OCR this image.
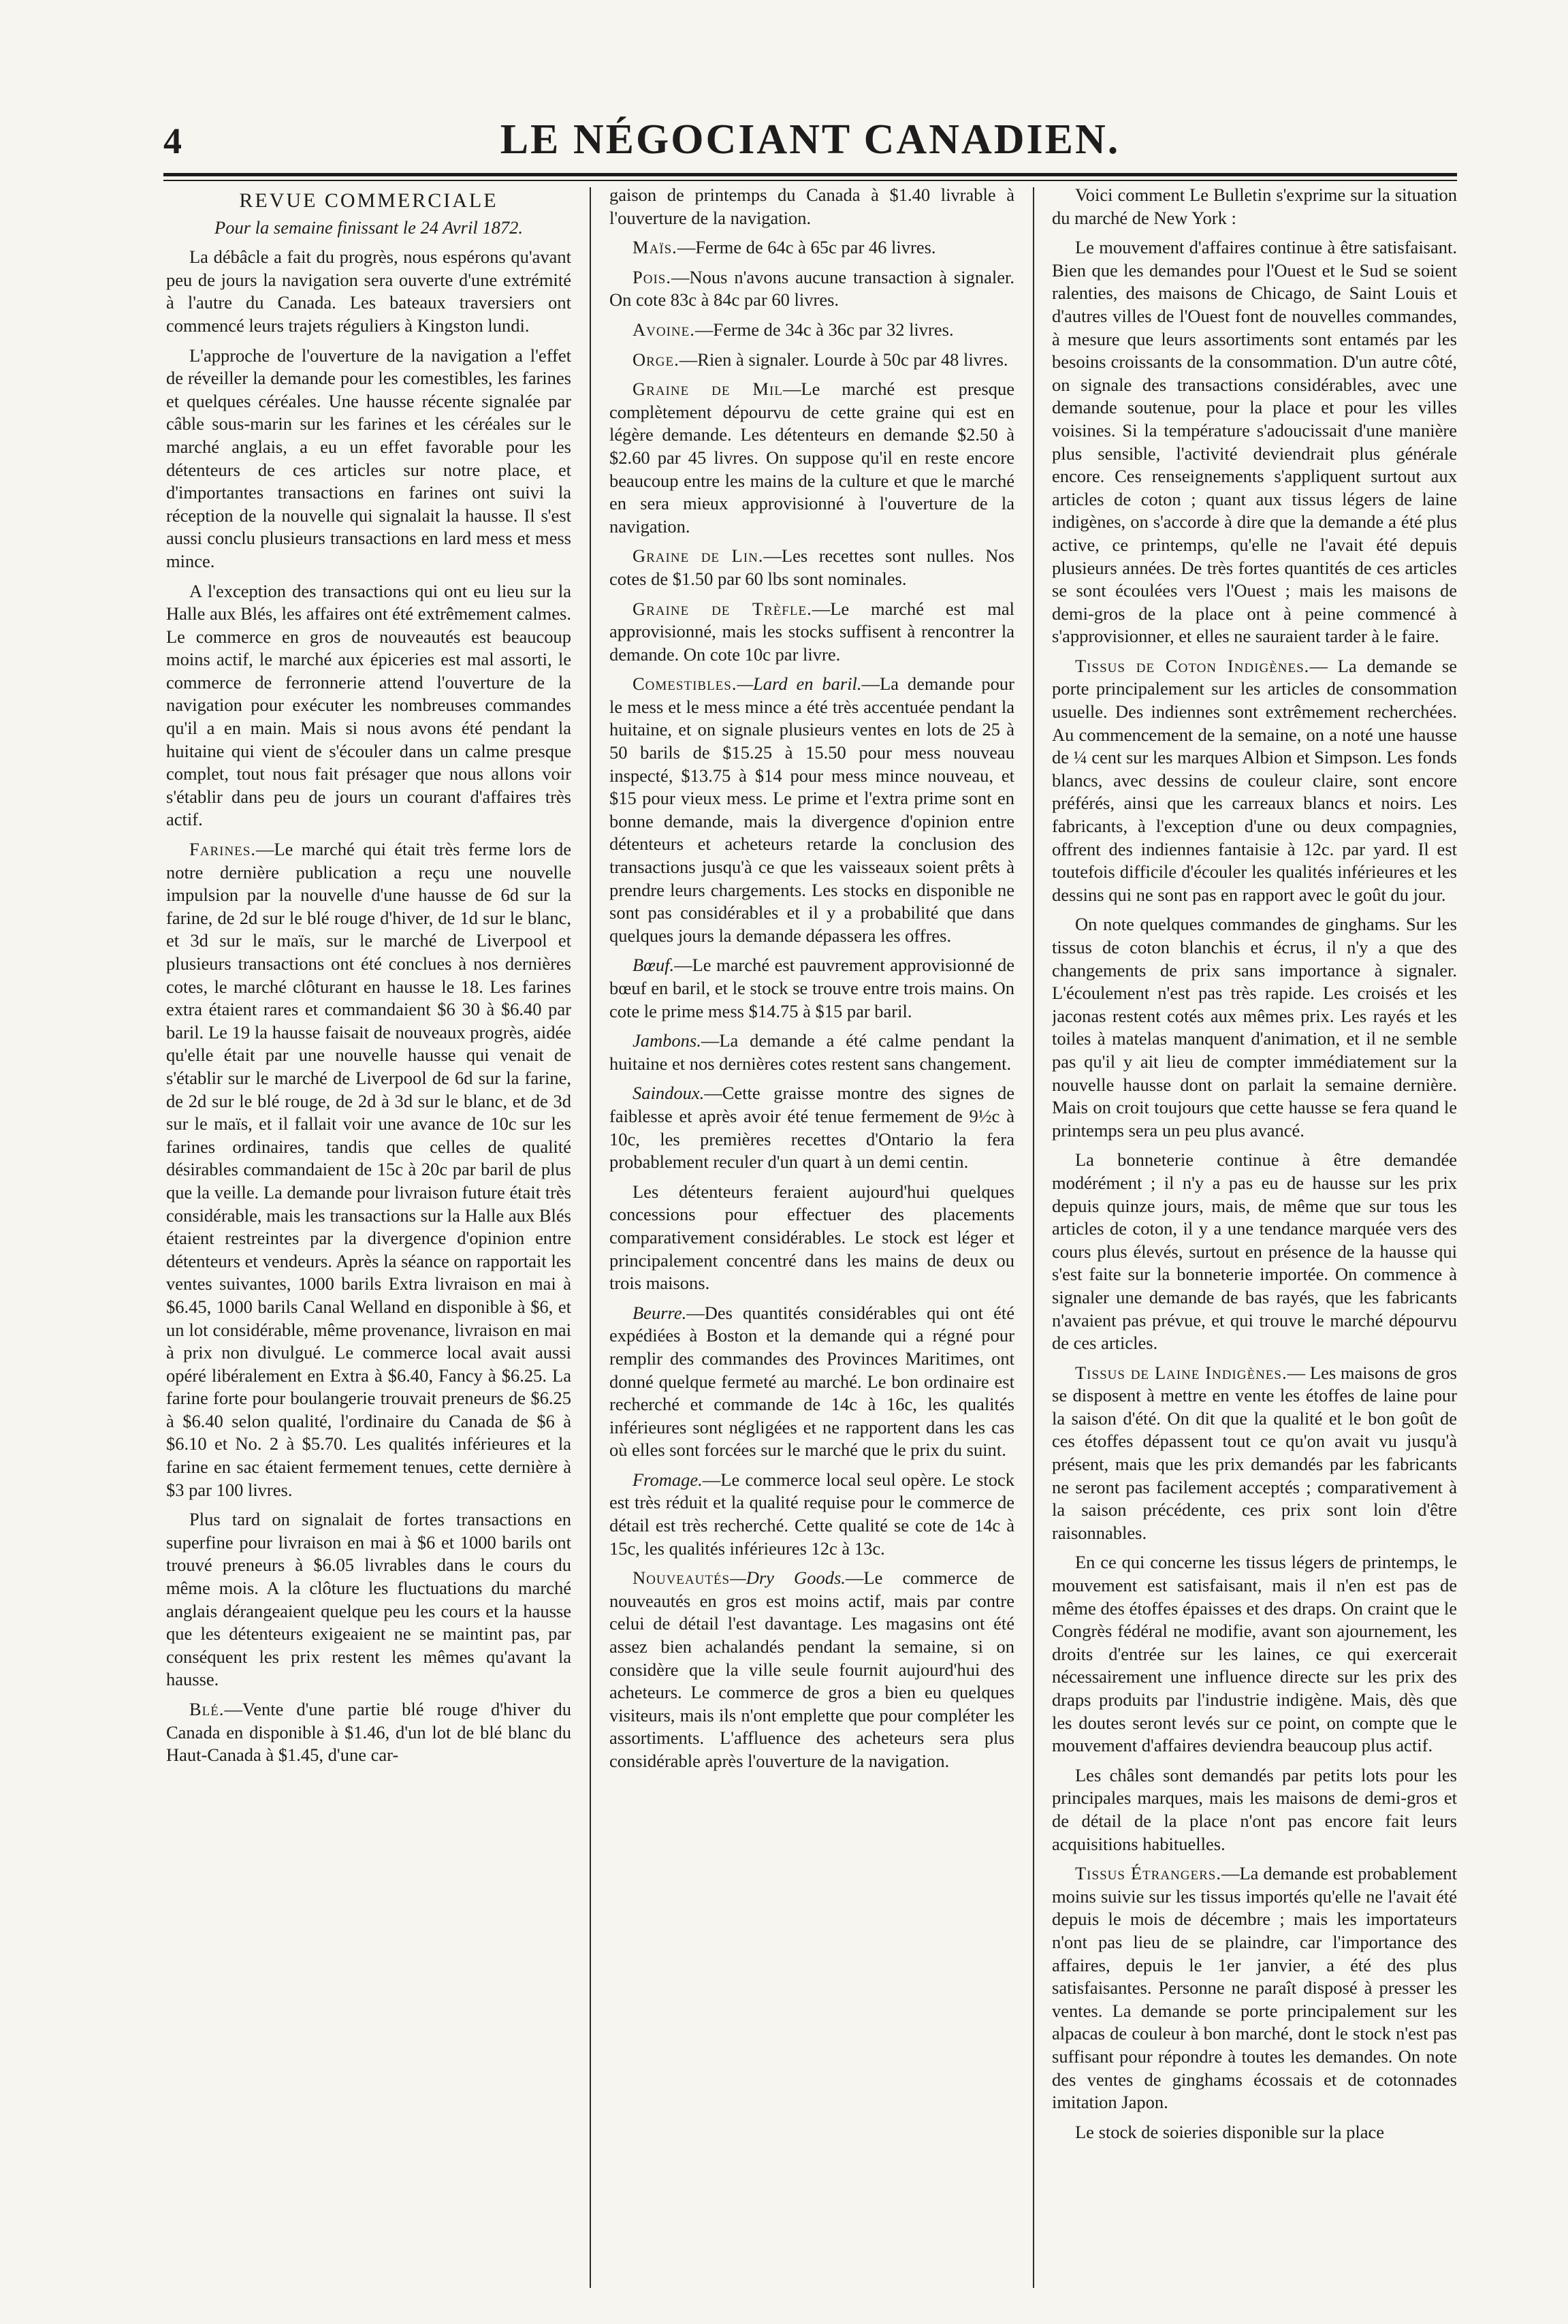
4	LE NÉGOCIANT CANADIEN.
REVUE COMMERCIALE
Pour la semaine finissant le 24 Avril 1872.

La débâcle a fait du progrès, nous espérons qu'avant peu de jours la navigation sera ouverte d'une extrémité à l'autre du Canada. Les bateaux traversiers ont commencé leurs trajets réguliers à Kingston lundi.

L'approche de l'ouverture de la navigation a l'effet de réveiller la demande pour les comestibles, les farines et quelques céréales. Une hausse récente signalée par câble sous-marin sur les farines et les céréales sur le marché anglais, a eu un effet favorable pour les détenteurs de ces articles sur notre place, et d'importantes transactions en farines ont suivi la réception de la nouvelle qui signalait la hausse. Il s'est aussi conclu plusieurs transactions en lard mess et mess mince.

A l'exception des transactions qui ont eu lieu sur la Halle aux Blés, les affaires ont été extrêmement calmes. Le commerce en gros de nouveautés est beaucoup moins actif, le marché aux épiceries est mal assorti, le commerce de ferronnerie attend l'ouverture de la navigation pour exécuter les nombreuses commandes qu'il a en main. Mais si nous avons été pendant la huitaine qui vient de s'écouler dans un calme presque complet, tout nous fait présager que nous allons voir s'établir dans peu de jours un courant d'affaires très actif.

Farines.—Le marché qui était très ferme lors de notre dernière publication a reçu une nouvelle impulsion par la nouvelle d'une hausse de 6d sur la farine, de 2d sur le blé rouge d'hiver, de 1d sur le blanc, et 3d sur le maïs, sur le marché de Liverpool et plusieurs transactions ont été conclues à nos dernières cotes, le marché clôturant en hausse le 18. Les farines extra étaient rares et commandaient $6 30 à $6.40 par baril. Le 19 la hausse faisait de nouveaux progrès, aidée qu'elle était par une nouvelle hausse qui venait de s'établir sur le marché de Liverpool de 6d sur la farine, de 2d sur le blé rouge, de 2d à 3d sur le blanc, et de 3d sur le maïs, et il fallait voir une avance de 10c sur les farines ordinaires, tandis que celles de qualité désirables commandaient de 15c à 20c par baril de plus que la veille. La demande pour livraison future était très considérable, mais les transactions sur la Halle aux Blés étaient restreintes par la divergence d'opinion entre détenteurs et vendeurs. Après la séance on rapportait les ventes suivantes, 1000 barils Extra livraison en mai à $6.45, 1000 barils Canal Welland en disponible à $6, et un lot considérable, même provenance, livraison en mai à prix non divulgué. Le commerce local avait aussi opéré libéralement en Extra à $6.40, Fancy à $6.25. La farine forte pour boulangerie trouvait preneurs de $6.25 à $6.40 selon qualité, l'ordinaire du Canada de $6 à $6.10 et No. 2 à $5.70. Les qualités inférieures et la farine en sac étaient fermement tenues, cette dernière à $3 par 100 livres.

Plus tard on signalait de fortes transactions en superfine pour livraison en mai à $6 et 1000 barils ont trouvé preneurs à $6.05 livrables dans le cours du même mois. A la clôture les fluctuations du marché anglais dérangeaient quelque peu les cours et la hausse que les détenteurs exigeaient ne se maintint pas, par conséquent les prix restent les mêmes qu'avant la hausse.

Blé.—Vente d'une partie blé rouge d'hiver du Canada en disponible à $1.46, d'un lot de blé blanc du Haut-Canada à $1.45, d'une car-

gaison de printemps du Canada à $1.40 livrable à l'ouverture de la navigation.

Maïs.—Ferme de 64c à 65c par 46 livres.

Pois.—Nous n'avons aucune transaction à signaler. On cote 83c à 84c par 60 livres.

Avoine.—Ferme de 34c à 36c par 32 livres.

Orge.—Rien à signaler. Lourde à 50c par 48 livres.

Graine de Mil—Le marché est presque complètement dépourvu de cette graine qui est en légère demande. Les détenteurs en demande $2.50 à $2.60 par 45 livres. On suppose qu'il en reste encore beaucoup entre les mains de la culture et que le marché en sera mieux approvisionné à l'ouverture de la navigation.

Graine de Lin.—Les recettes sont nulles. Nos cotes de $1.50 par 60 lbs sont nominales.

Graine de Trèfle.—Le marché est mal approvisionné, mais les stocks suffisent à rencontrer la demande. On cote 10c par livre.

Comestibles.—Lard en baril.—La demande pour le mess et le mess mince a été très accentuée pendant la huitaine, et on signale plusieurs ventes en lots de 25 à 50 barils de $15.25 à 15.50 pour mess nouveau inspecté, $13.75 à $14 pour mess mince nouveau, et $15 pour vieux mess. Le prime et l'extra prime sont en bonne demande, mais la divergence d'opinion entre détenteurs et acheteurs retarde la conclusion des transactions jusqu'à ce que les vaisseaux soient prêts à prendre leurs chargements. Les stocks en disponible ne sont pas considérables et il y a probabilité que dans quelques jours la demande dépassera les offres.

Bœuf.—Le marché est pauvrement approvisionné de bœuf en baril, et le stock se trouve entre trois mains. On cote le prime mess $14.75 à $15 par baril.

Jambons.—La demande a été calme pendant la huitaine et nos dernières cotes restent sans changement.

Saindoux.—Cette graisse montre des signes de faiblesse et après avoir été tenue fermement de 9½c à 10c, les premières recettes d'Ontario la fera probablement reculer d'un quart à un demi centin.

Les détenteurs feraient aujourd'hui quelques concessions pour effectuer des placements comparativement considérables. Le stock est léger et principalement concentré dans les mains de deux ou trois maisons.

Beurre.—Des quantités considérables qui ont été expédiées à Boston et la demande qui a régné pour remplir des commandes des Provinces Maritimes, ont donné quelque fermeté au marché. Le bon ordinaire est recherché et commande de 14c à 16c, les qualités inférieures sont négligées et ne rapportent dans les cas où elles sont forcées sur le marché que le prix du suint.

Fromage.—Le commerce local seul opère. Le stock est très réduit et la qualité requise pour le commerce de détail est très recherché. Cette qualité se cote de 14c à 15c, les qualités inférieures 12c à 13c.

Nouveautés—Dry Goods.—Le commerce de nouveautés en gros est moins actif, mais par contre celui de détail l'est davantage. Les magasins ont été assez bien achalandés pendant la semaine, si on considère que la ville seule fournit aujourd'hui des acheteurs. Le commerce de gros a bien eu quelques visiteurs, mais ils n'ont emplette que pour compléter les assortiments. L'affluence des acheteurs sera plus considérable après l'ouverture de la navigation.

Voici comment Le Bulletin s'exprime sur la situation du marché de New York :

Le mouvement d'affaires continue à être satisfaisant. Bien que les demandes pour l'Ouest et le Sud se soient ralenties, des maisons de Chicago, de Saint Louis et d'autres villes de l'Ouest font de nouvelles commandes, à mesure que leurs assortiments sont entamés par les besoins croissants de la consommation. D'un autre côté, on signale des transactions considérables, avec une demande soutenue, pour la place et pour les villes voisines. Si la température s'adoucissait d'une manière plus sensible, l'activité deviendrait plus générale encore. Ces renseignements s'appliquent surtout aux articles de coton ; quant aux tissus légers de laine indigènes, on s'accorde à dire que la demande a été plus active, ce printemps, qu'elle ne l'avait été depuis plusieurs années. De très fortes quantités de ces articles se sont écoulées vers l'Ouest ; mais les maisons de demi-gros de la place ont à peine commencé à s'approvisionner, et elles ne sauraient tarder à le faire.

Tissus de Coton Indigènes.— La demande se porte principalement sur les articles de consommation usuelle. Des indiennes sont extrêmement recherchées. Au commencement de la semaine, on a noté une hausse de ¼ cent sur les marques Albion et Simpson. Les fonds blancs, avec dessins de couleur claire, sont encore préférés, ainsi que les carreaux blancs et noirs. Les fabricants, à l'exception d'une ou deux compagnies, offrent des indiennes fantaisie à 12c. par yard. Il est toutefois difficile d'écouler les qualités inférieures et les dessins qui ne sont pas en rapport avec le goût du jour.

On note quelques commandes de ginghams. Sur les tissus de coton blanchis et écrus, il n'y a que des changements de prix sans importance à signaler. L'écoulement n'est pas très rapide. Les croisés et les jaconas restent cotés aux mêmes prix. Les rayés et les toiles à matelas manquent d'animation, et il ne semble pas qu'il y ait lieu de compter immédiatement sur la nouvelle hausse dont on parlait la semaine dernière. Mais on croit toujours que cette hausse se fera quand le printemps sera un peu plus avancé.

La bonneterie continue à être demandée modérément ; il n'y a pas eu de hausse sur les prix depuis quinze jours, mais, de même que sur tous les articles de coton, il y a une tendance marquée vers des cours plus élevés, surtout en présence de la hausse qui s'est faite sur la bonneterie importée. On commence à signaler une demande de bas rayés, que les fabricants n'avaient pas prévue, et qui trouve le marché dépourvu de ces articles.

Tissus de Laine Indigènes.— Les maisons de gros se disposent à mettre en vente les étoffes de laine pour la saison d'été. On dit que la qualité et le bon goût de ces étoffes dépassent tout ce qu'on avait vu jusqu'à présent, mais que les prix demandés par les fabricants ne seront pas facilement acceptés ; comparativement à la saison précédente, ces prix sont loin d'être raisonnables.

En ce qui concerne les tissus légers de printemps, le mouvement est satisfaisant, mais il n'en est pas de même des étoffes épaisses et des draps. On craint que le Congrès fédéral ne modifie, avant son ajournement, les droits d'entrée sur les laines, ce qui exercerait nécessairement une influence directe sur les prix des draps produits par l'industrie indigène. Mais, dès que les doutes seront levés sur ce point, on compte que le mouvement d'affaires deviendra beaucoup plus actif.

Les châles sont demandés par petits lots pour les principales marques, mais les maisons de demi-gros et de détail de la place n'ont pas encore fait leurs acquisitions habituelles.

Tissus Étrangers.—La demande est probablement moins suivie sur les tissus importés qu'elle ne l'avait été depuis le mois de décembre ; mais les importateurs n'ont pas lieu de se plaindre, car l'importance des affaires, depuis le 1er janvier, a été des plus satisfaisantes. Personne ne paraît disposé à presser les ventes. La demande se porte principalement sur les alpacas de couleur à bon marché, dont le stock n'est pas suffisant pour répondre à toutes les demandes. On note des ventes de ginghams écossais et de cotonnades imitation Japon.

Le stock de soieries disponible sur la place
